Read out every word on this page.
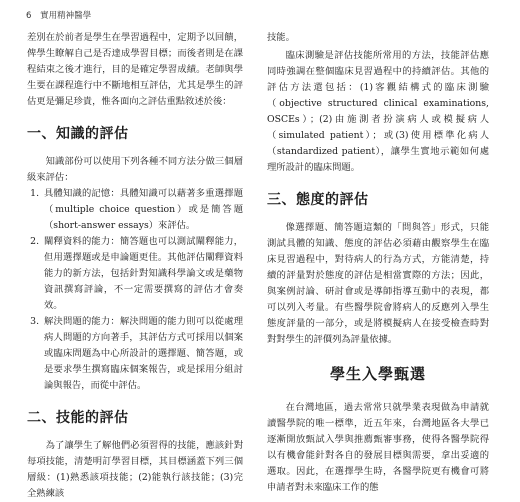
6 實用精神醫學

差別在於前者是學生在學習過程中，定期予以回饋，俾學生瞭解自己是否達成學習目標；而後者則是在課程結束之後才進行，目的是確定學習成績。老師與學生要在課程進行中不斷地相互評估，尤其是學生的評估更是彌足珍貴，惟各面向之評估重點敘述於後：

一、知識的評估

知識部份可以使用下列各種不同方法分做三個層級來評估：

1. 具體知識的記憶：具體知識可以藉著多重選擇題（multiple choice question）或是簡答題（short-answer essays）來評估。
2. 闡釋資料的能力：簡答題也可以測試闡釋能力，但用選擇題或是申論題更佳。其他評估闡釋資料能力的新方法，包括針對知識科學論文或是藥物資訊撰寫評論，不一定需要撰寫的評估才會奏效。
3. 解決問題的能力：解決問題的能力則可以從處理病人問題的方向著手，其評估方式可採用以個案或臨床問題為中心所設計的選擇題、簡答題，或是要求學生撰寫臨床個案報告，或是採用分組討論與報告，而從中評估。
二、技能的評估

為了讓學生了解他們必須習得的技能，應該針對每項技能，清楚明訂學習目標，其目標涵蓋下列三個層級：(1)熟悉該項技能；(2)能執行該技能；(3)完全熟練該

技能。

臨床測驗是評估技能所常用的方法，技能評估應同時強調在整個臨床見習過程中的持續評估。其他的評估方法還包括：(1)客觀結構式的臨床測驗（objective structured clinical examinations, OSCEs）；(2)由施測者扮演病人或模擬病人（simulated patient）；或(3)使用標準化病人（standardized patient），讓學生實地示範如何處理所設計的臨床問題。

三、態度的評估

像選擇題、簡答題這類的「問與答」形式，只能測試具體的知識、態度的評估必須藉由觀察學生在臨床見習過程中，對待病人的行為方式，方能清楚，持續的評量對於態度的評估是相當實際的方法；因此，與案例討論、研討會或是導師指導互動中的表現，都可以列入考量。有些醫學院會將病人的反應列入學生態度評量的一部分，或是將模擬病人在接受檢查時對對對學生的評價列為評量依據。

學生入學甄選

在台灣地區，過去常常只就學業表現做為申請就讀醫學院的唯一標準，近五年來，台灣地區各大學已逐漸開放甄試入學與推薦甄審事務，使得各醫學院得以有機會能針對各自的發展目標與需要，拿出妥適的選取。因此，在選擇學生時，各醫學院更有機會可將申請者對未來臨床工作的態
